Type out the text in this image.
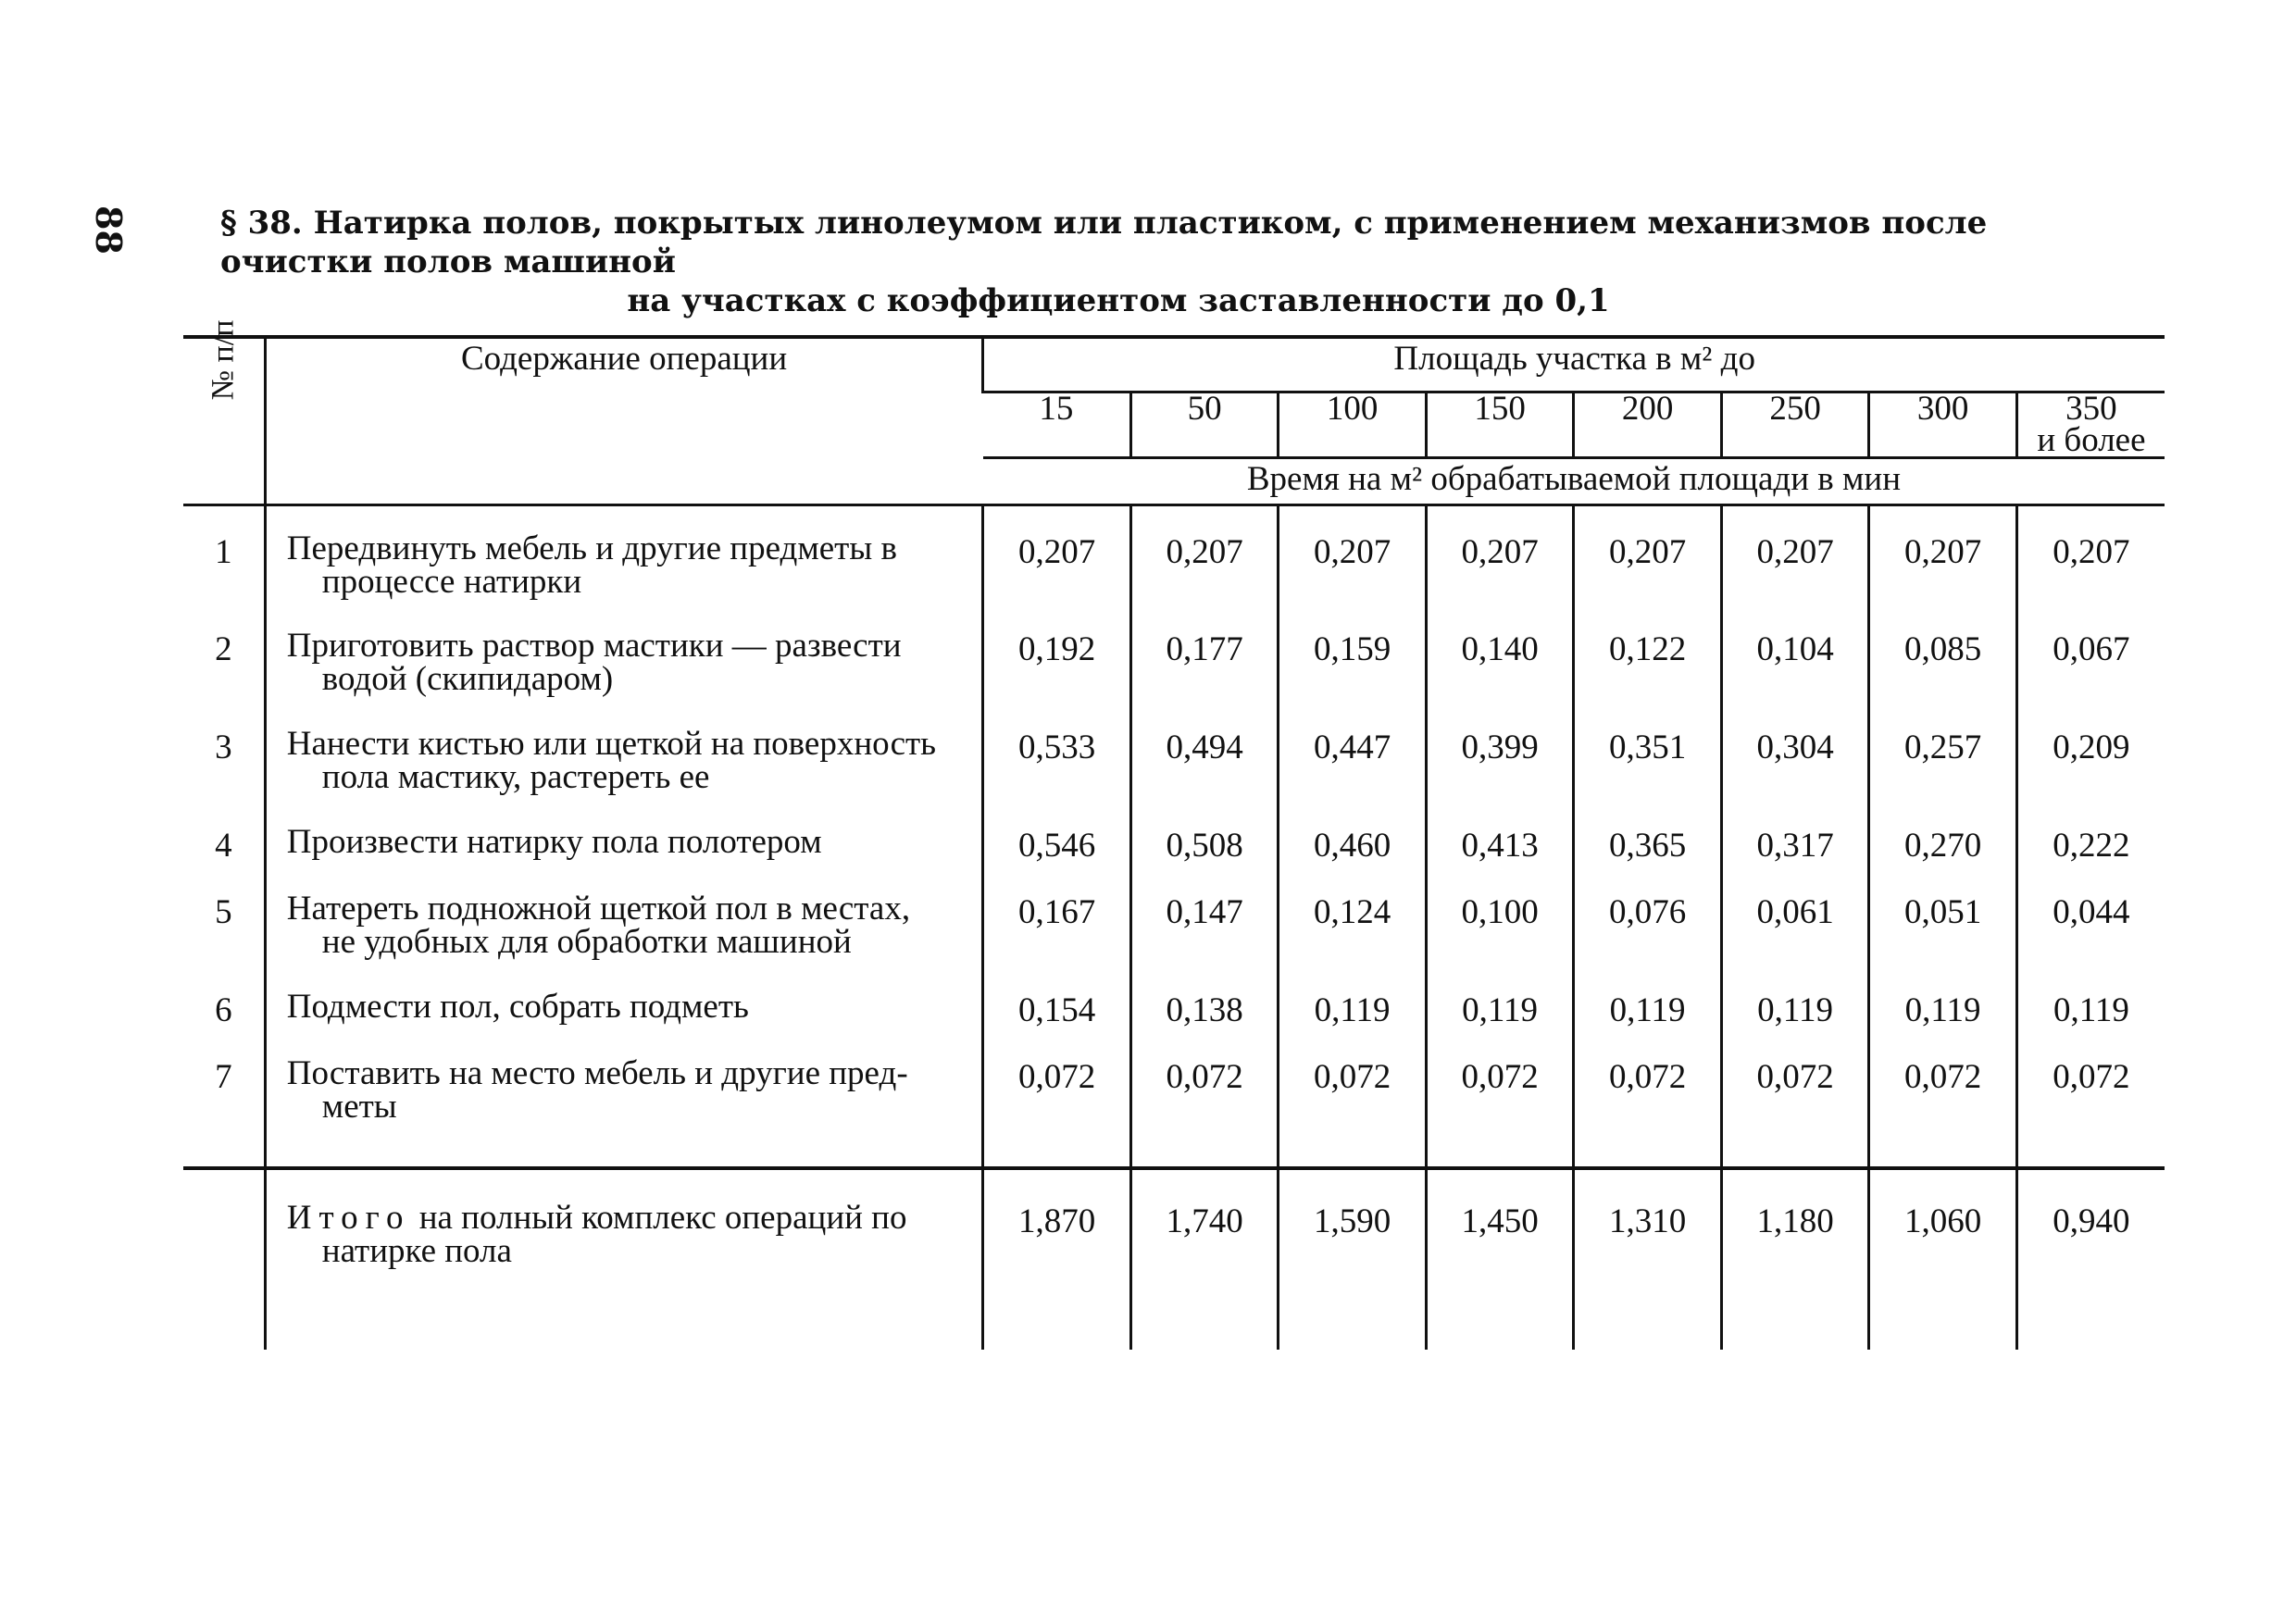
88	§ 38. Натирка полов, покрытых линолеумом или пластиком, с применением механизмов после очистки полов машиной
на участках с коэффициентом заставленности до 0,1
№ п/п	Содержание операции	Площадь участка в м² до							
		15	50	100	150	200	250	300	350
и более
		Время на м² обрабатываемой площади в мин							
1	Передвинуть мебель и другие предметы в
процессе натирки	0,207	0,207	0,207	0,207	0,207	0,207	0,207	0,207
2	Приготовить раствор мастики — развести
водой (скипидаром)	0,192	0,177	0,159	0,140	0,122	0,104	0,085	0,067
3	Нанести кистью или щеткой на поверхность
пола мастику, растереть ее	0,533	0,494	0,447	0,399	0,351	0,304	0,257	0,209
4	Произвести натирку пола полотером	0,546	0,508	0,460	0,413	0,365	0,317	0,270	0,222
5	Натереть подножной щеткой пол в местах,
не удобных для обработки машиной	0,167	0,147	0,124	0,100	0,076	0,061	0,051	0,044
6	Подмести пол, собрать подметь	0,154	0,138	0,119	0,119	0,119	0,119	0,119	0,119
7	Поставить на место мебель и другие пред-
меты	0,072	0,072	0,072	0,072	0,072	0,072	0,072	0,072
	Итого на полный комплекс операций по
натирке пола	1,870	1,740	1,590	1,450	1,310	1,180	1,060	0,940
